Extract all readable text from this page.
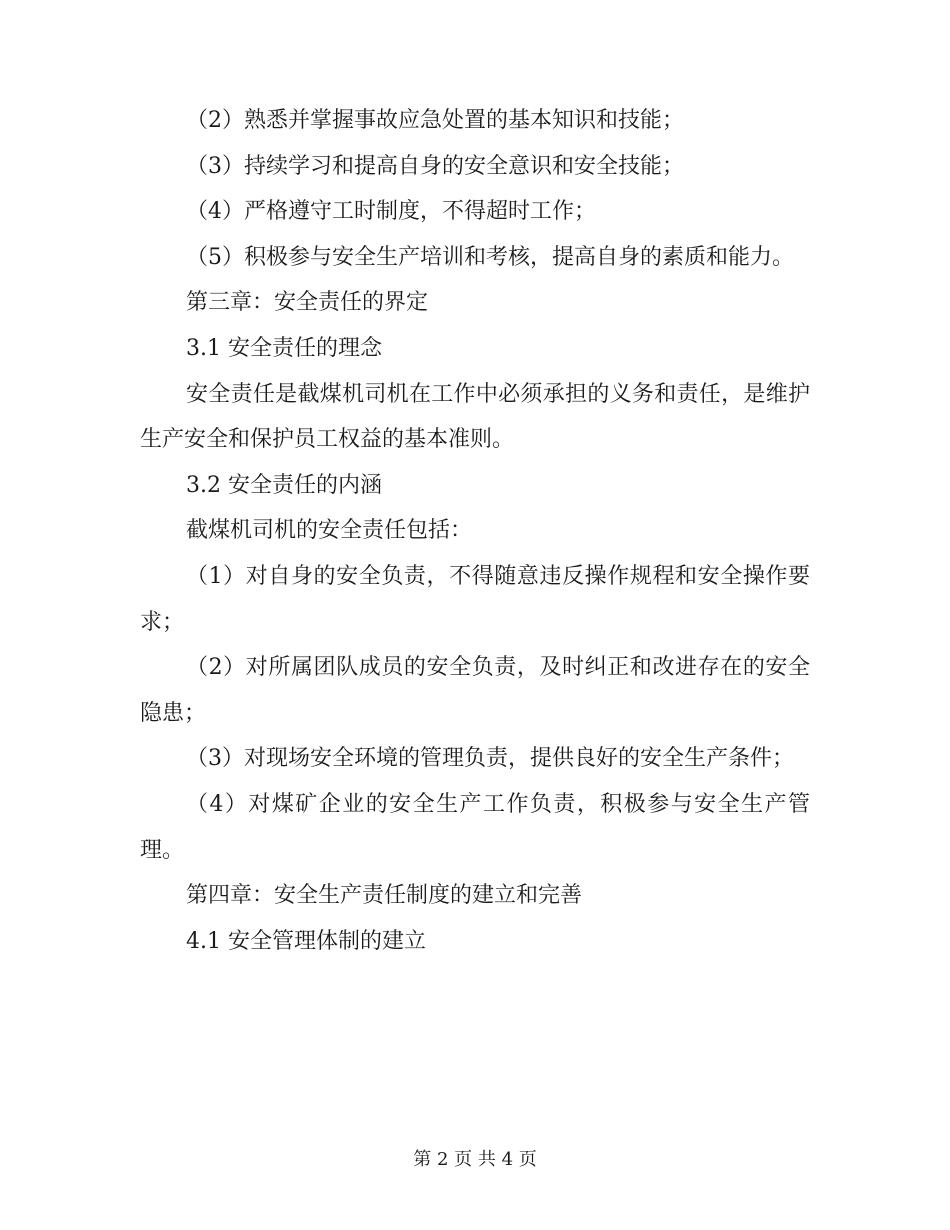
（2）熟悉并掌握事故应急处置的基本知识和技能；

（3）持续学习和提高自身的安全意识和安全技能；

（4）严格遵守工时制度，不得超时工作；

（5）积极参与安全生产培训和考核，提高自身的素质和能力。

第三章：安全责任的界定

3.1 安全责任的理念

安全责任是截煤机司机在工作中必须承担的义务和责任，是维护生产安全和保护员工权益的基本准则。

3.2 安全责任的内涵

截煤机司机的安全责任包括：

（1）对自身的安全负责，不得随意违反操作规程和安全操作要求；

（2）对所属团队成员的安全负责，及时纠正和改进存在的安全隐患；

（3）对现场安全环境的管理负责，提供良好的安全生产条件；

（4）对煤矿企业的安全生产工作负责，积极参与安全生产管理。

第四章：安全生产责任制度的建立和完善

4.1 安全管理体制的建立

第 2 页 共 4 页
